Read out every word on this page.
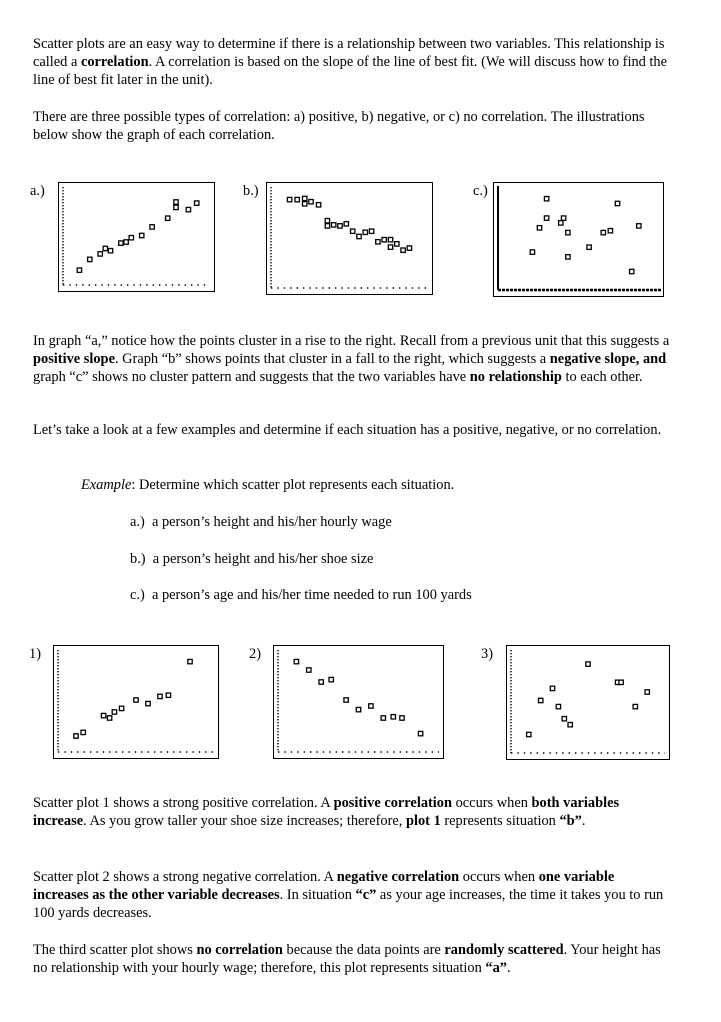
Scatter plots are an easy way to determine if there is a relationship between two variables. This relationship is called a correlation. A correlation is based on the slope of the line of best fit. (We will discuss how to find the line of best fit later in the unit).

There are three possible types of correlation: a) positive, b) negative, or c) no correlation. The illustrations below show the graph of each correlation.

a.)	b.)	c.)

In graph “a,” notice how the points cluster in a rise to the right. Recall from a previous unit that this suggests a positive slope. Graph “b” shows points that cluster in a fall to the right, which suggests a negative slope, and graph “c” shows no cluster pattern and suggests that the two variables have no relationship to each other.

Let’s take a look at a few examples and determine if each situation has a positive, negative, or no correlation.

Example: Determine which scatter plot represents each situation.
a.)  a person’s height and his/her hourly wage
b.)  a person’s height and his/her shoe size
c.)  a person’s age and his/her time needed to run 100 yards
1)	2)	3)

Scatter plot 1 shows a strong positive correlation. A positive correlation occurs when both variables increase. As you grow taller your shoe size increases; therefore, plot 1 represents situation “b”.

Scatter plot 2 shows a strong negative correlation. A negative correlation occurs when one variable increases as the other variable decreases. In situation “c” as your age increases, the time it takes you to run 100 yards decreases.

The third scatter plot shows no correlation because the data points are randomly scattered. Your height has no relationship with your hourly wage; therefore, this plot represents situation “a”.
